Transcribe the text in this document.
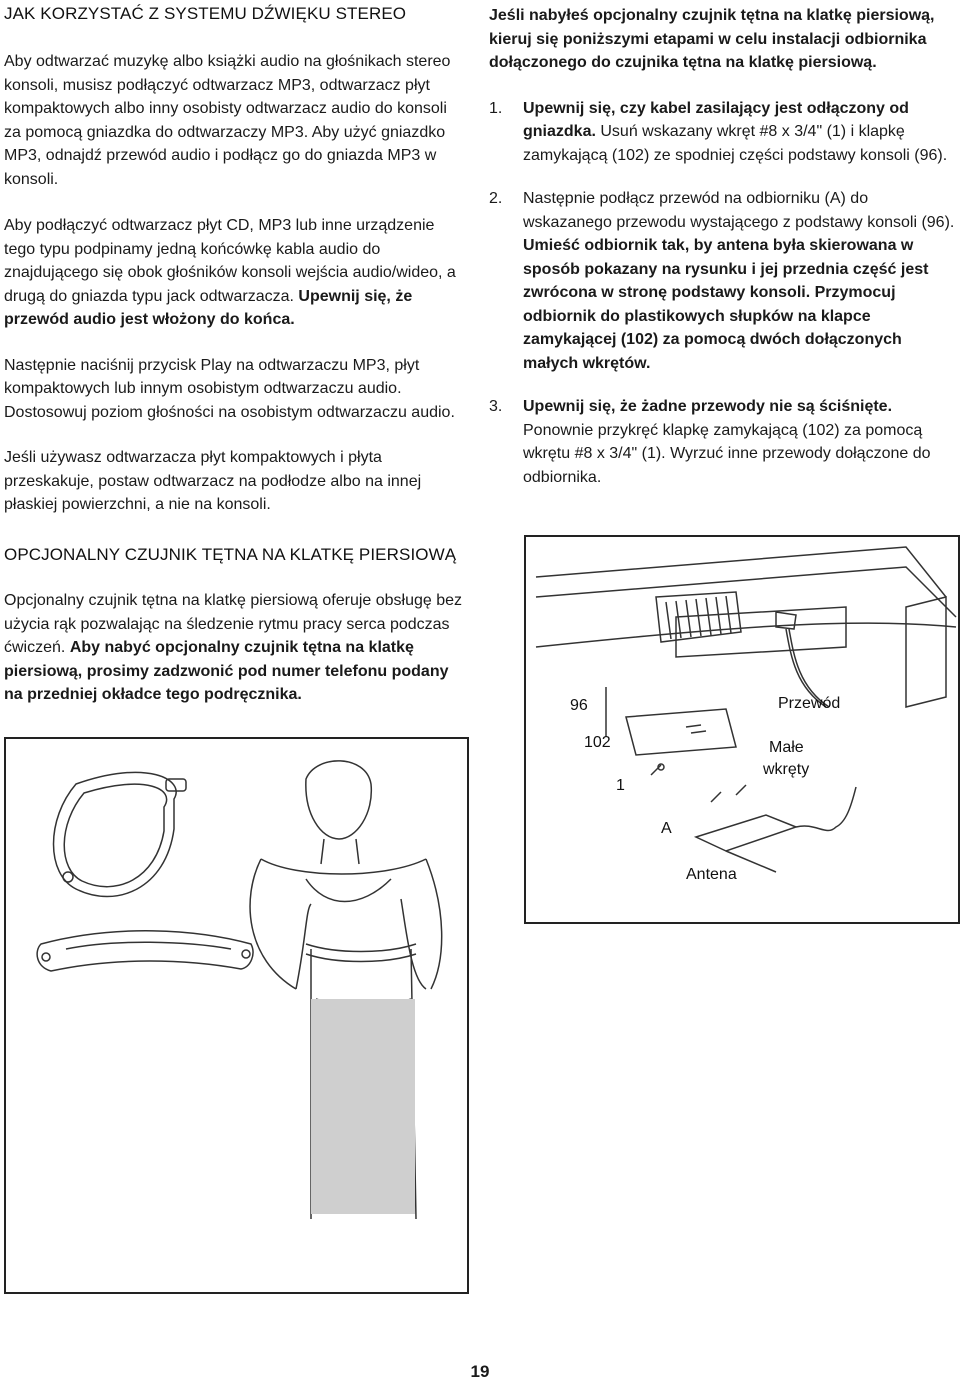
JAK KORZYSTAĆ Z SYSTEMU DŹWIĘKU STEREO

Aby odtwarzać muzykę albo książki audio na głośnikach stereo konsoli, musisz podłączyć odtwarzacz MP3, odtwarzacz płyt kompaktowych albo inny osobisty odtwarzacz audio do konsoli za pomocą gniazdka do odtwarzaczy MP3. Aby użyć gniazdko MP3, odnajdź przewód audio i podłącz go do gniazda MP3 w konsoli.

Aby podłączyć odtwarzacz płyt CD, MP3 lub inne urządzenie tego typu podpinamy jedną końcówkę kabla audio do znajdującego się obok głośników konsoli wejścia audio/wideo, a drugą do gniazda typu jack odtwarzacza. Upewnij się, że przewód audio jest włożony do końca.

Następnie naciśnij przycisk Play na odtwarzaczu MP3, płyt kompaktowych lub innym osobistym odtwarzaczu audio. Dostosowuj poziom głośności na osobistym odtwarzaczu audio.

Jeśli używasz odtwarzacza płyt kompaktowych i płyta przeskakuje, postaw odtwarzacz na podłodze albo na innej płaskiej powierzchni, a nie na konsoli.

OPCJONALNY CZUJNIK TĘTNA NA KLATKĘ PIERSIOWĄ

Opcjonalny czujnik tętna na klatkę piersiową oferuje obsługę bez użycia rąk pozwalając na śledzenie rytmu pracy serca podczas ćwiczeń. Aby nabyć opcjonalny czujnik tętna na klatkę piersiową, prosimy zadzwonić pod numer telefonu podany na przedniej okładce tego podręcznika.

Jeśli nabyłeś opcjonalny czujnik tętna na klatkę piersiową, kieruj się poniższymi etapami w celu instalacji odbiornika dołączonego do czujnika tętna na klatkę piersiową.

1. Upewnij się, czy kabel zasilający jest odłączony od gniazdka. Usuń wskazany wkręt #8 x 3/4" (1) i klapkę zamykającą (102) ze spodniej części podstawy konsoli (96).

2. Następnie podłącz przewód na odbiorniku (A) do wskazanego przewodu wystającego z podstawy konsoli (96). Umieść odbiornik tak, by antena była skierowana w sposób pokazany na rysunku i jej przednia część jest zwrócona w stronę podstawy konsoli. Przymocuj odbiornik do plastikowych słupków na klapce zamykającej (102) za pomocą dwóch dołączonych małych wkrętów.

3. Upewnij się, że żadne przewody nie są ściśnięte. Ponownie przykręć klapkę zamykającą (102) za pomocą wkrętu #8 x 3/4" (1). Wyrzuć inne przewody dołączone do odbiornika.

96
102
1
A
Przewód
Małe
wkręty
Antena
19
